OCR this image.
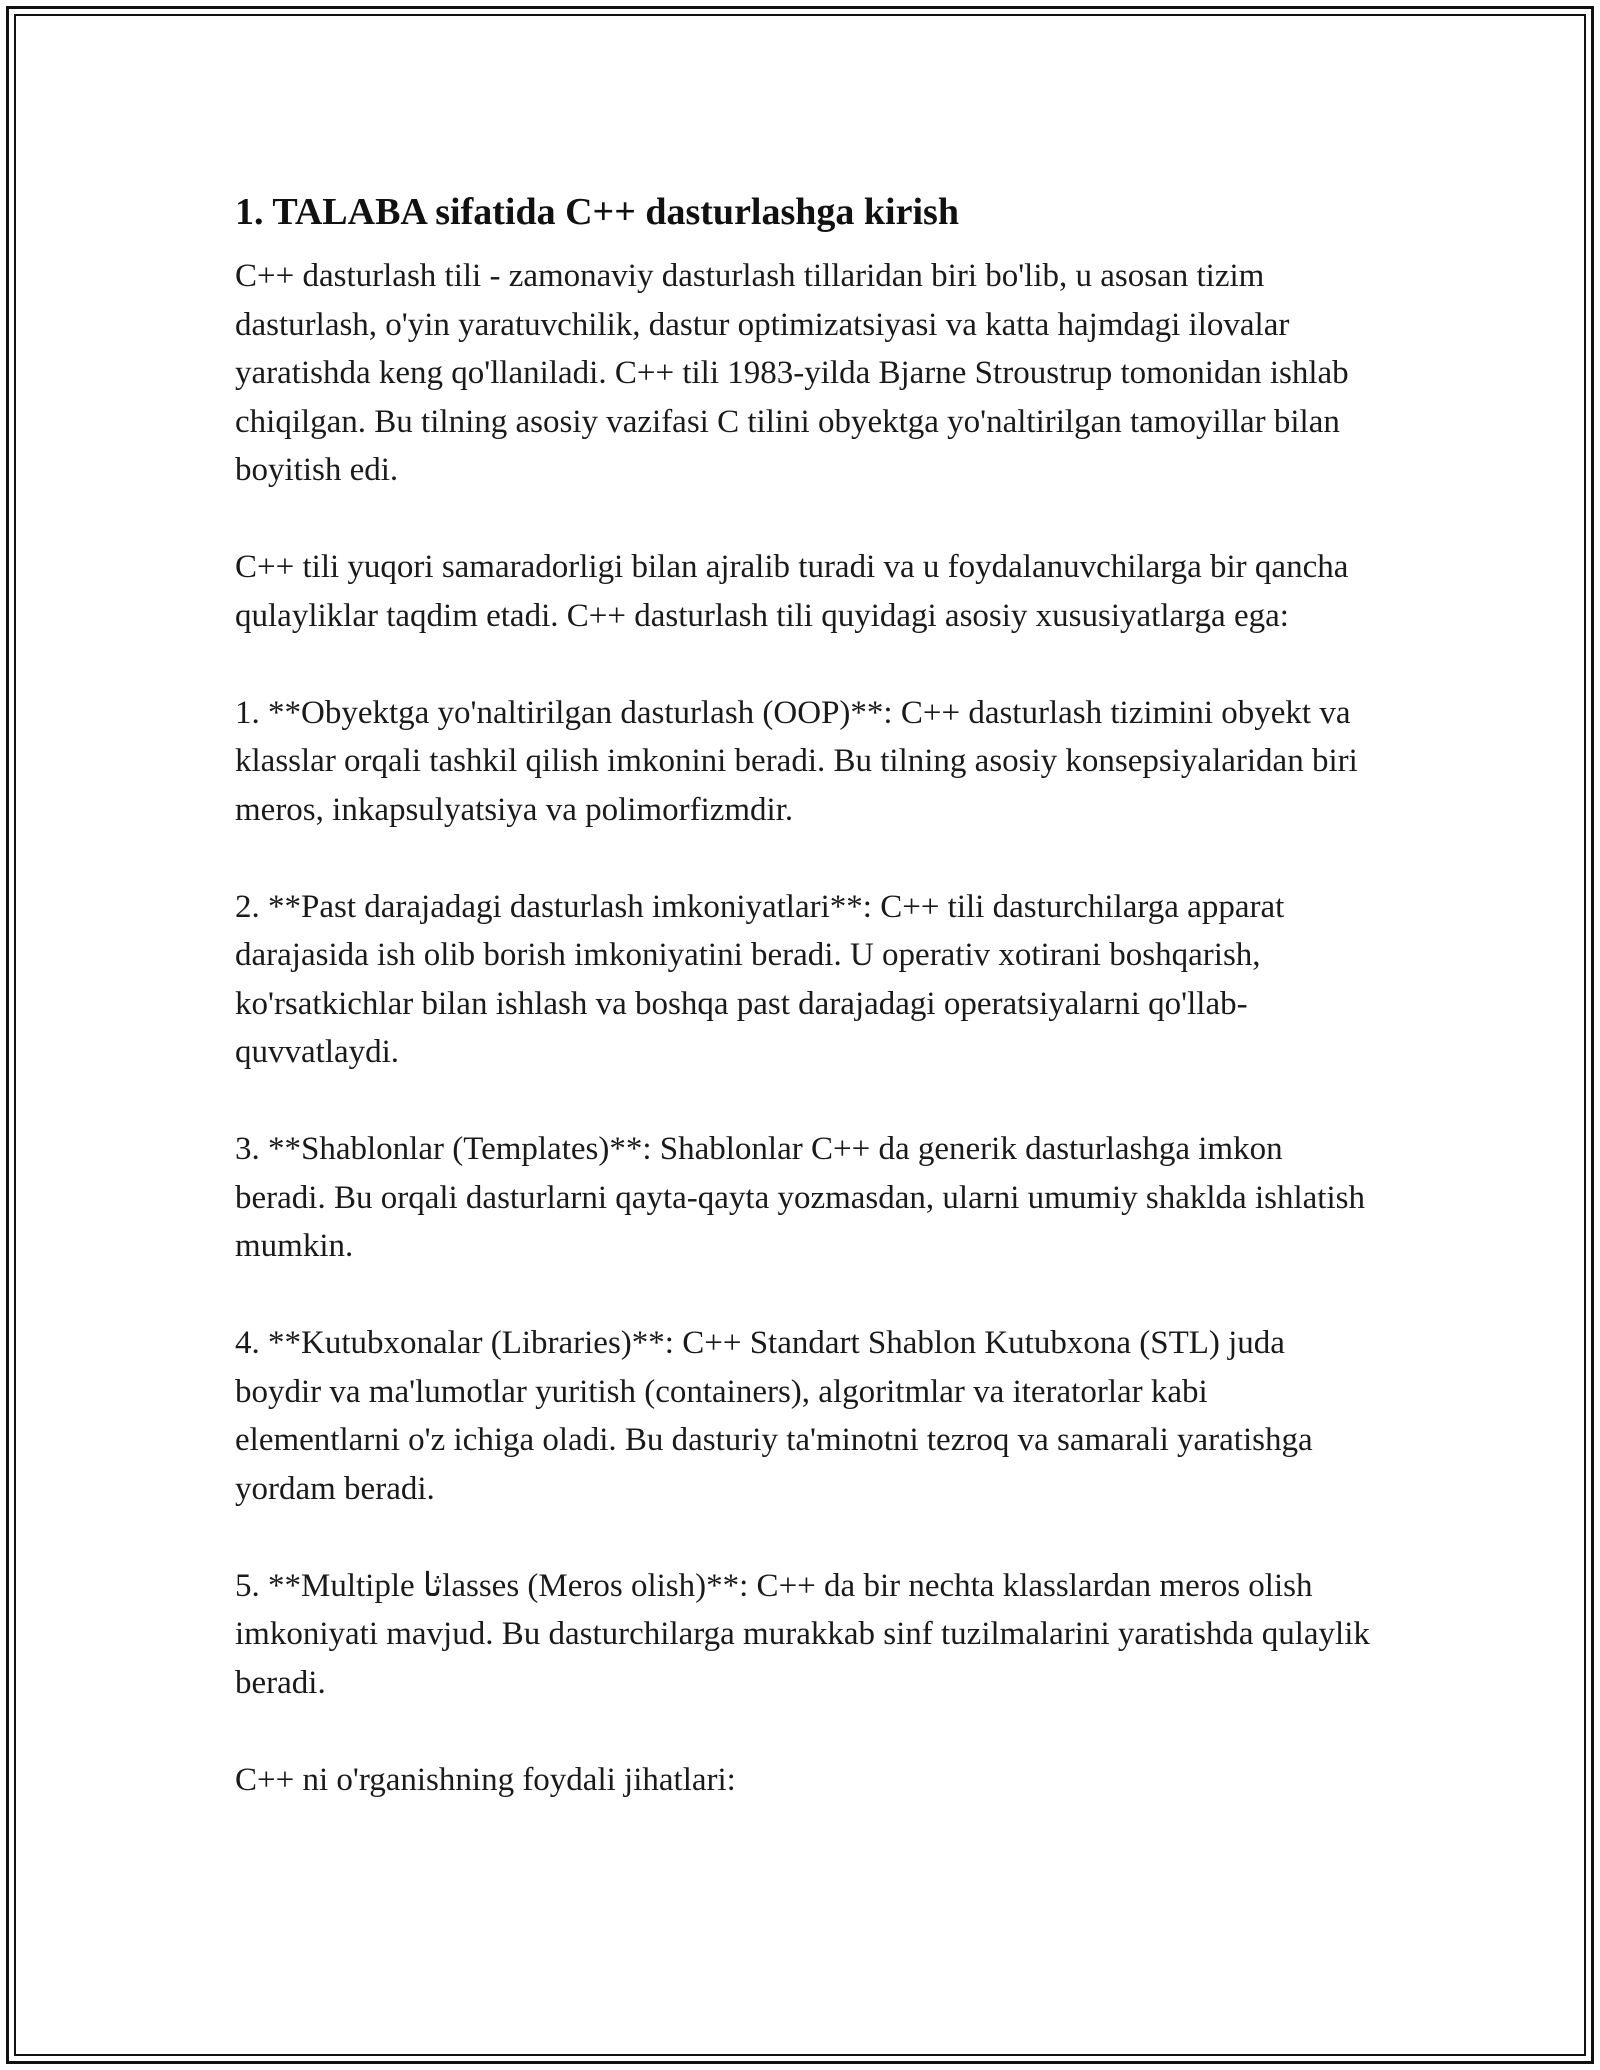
1. TALABA sifatida C++ dasturlashga kirish

C++ dasturlash tili - zamonaviy dasturlash tillaridan biri bo'lib, u asosan tizim dasturlash, o'yin yaratuvchilik, dastur optimizatsiyasi va katta hajmdagi ilovalar yaratishda keng qo'llaniladi. C++ tili 1983-yilda Bjarne Stroustrup tomonidan ishlab chiqilgan. Bu tilning asosiy vazifasi C tilini obyektga yo'naltirilgan tamoyillar bilan boyitish edi.

C++ tili yuqori samaradorligi bilan ajralib turadi va u foydalanuvchilarga bir qancha qulayliklar taqdim etadi. C++ dasturlash tili quyidagi asosiy xususiyatlarga ega:

1. **Obyektga yo'naltirilgan dasturlash (OOP)**: C++ dasturlash tizimini obyekt va klasslar orqali tashkil qilish imkonini beradi. Bu tilning asosiy konsepsiyalaridan biri meros, inkapsulyatsiya va polimorfizmdir.

2. **Past darajadagi dasturlash imkoniyatlari**: C++ tili dasturchilarga apparat darajasida ish olib borish imkoniyatini beradi. U operativ xotirani boshqarish, ko'rsatkichlar bilan ishlash va boshqa past darajadagi operatsiyalarni qo'llab-quvvatlaydi.

3. **Shablonlar (Templates)**: Shablonlar C++ da generik dasturlashga imkon beradi. Bu orqali dasturlarni qayta-qayta yozmasdan, ularni umumiy shaklda ishlatish mumkin.

4. **Kutubxonalar (Libraries)**: C++ Standart Shablon Kutubxona (STL) juda boydir va ma'lumotlar yuritish (containers), algoritmlar va iteratorlar kabi elementlarni o'z ichiga oladi. Bu dasturiy ta'minotni tezroq va samarali yaratishga yordam beradi.

5. **Multiple ثاlasses (Meros olish)**: C++ da bir nechta klasslardan meros olish imkoniyati mavjud. Bu dasturchilarga murakkab sinf tuzilmalarini yaratishda qulaylik beradi.

C++ ni o'rganishning foydali jihatlari:
